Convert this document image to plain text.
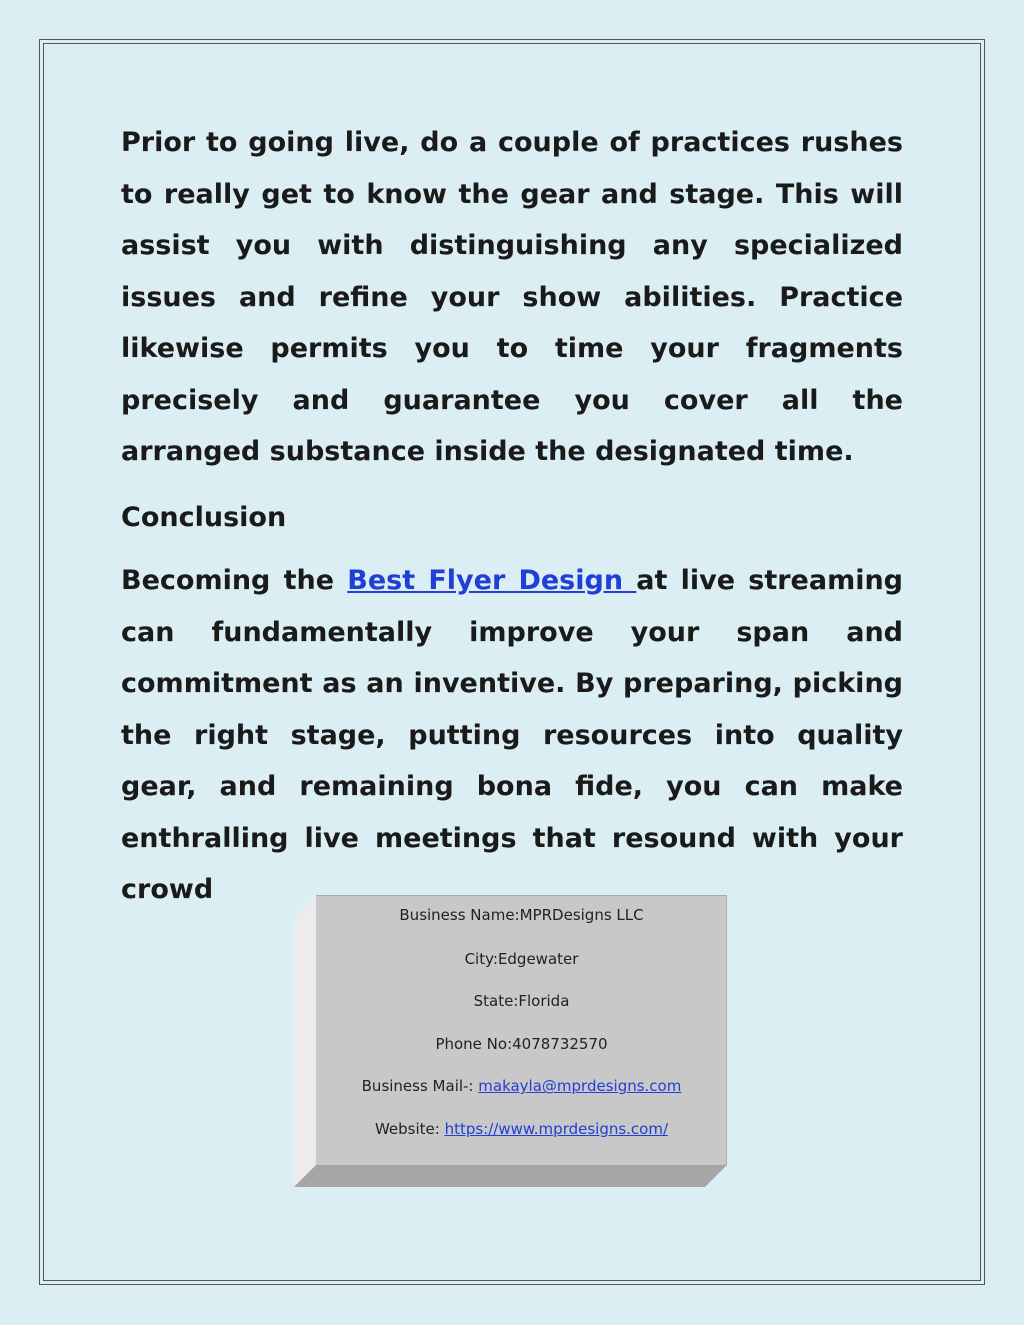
Prior to going live, do a couple of practices rushes to really get to know the gear and stage. This will assist you with distinguishing any specialized issues and refine your show abilities. Practice likewise permits you to time your fragments precisely and guarantee you cover all the arranged substance inside the designated time.

Conclusion

Becoming the Best Flyer Design at live streaming can fundamentally improve your span and commitment as an inventive. By preparing, picking the right stage, putting resources into quality gear, and remaining bona fide, you can make enthralling live meetings that resound with your crowd

Business Name:MPRDesigns LLC
City:Edgewater
State:Florida
Phone No:4078732570
Business Mail-: makayla@mprdesigns.com
Website: https://www.mprdesigns.com/
